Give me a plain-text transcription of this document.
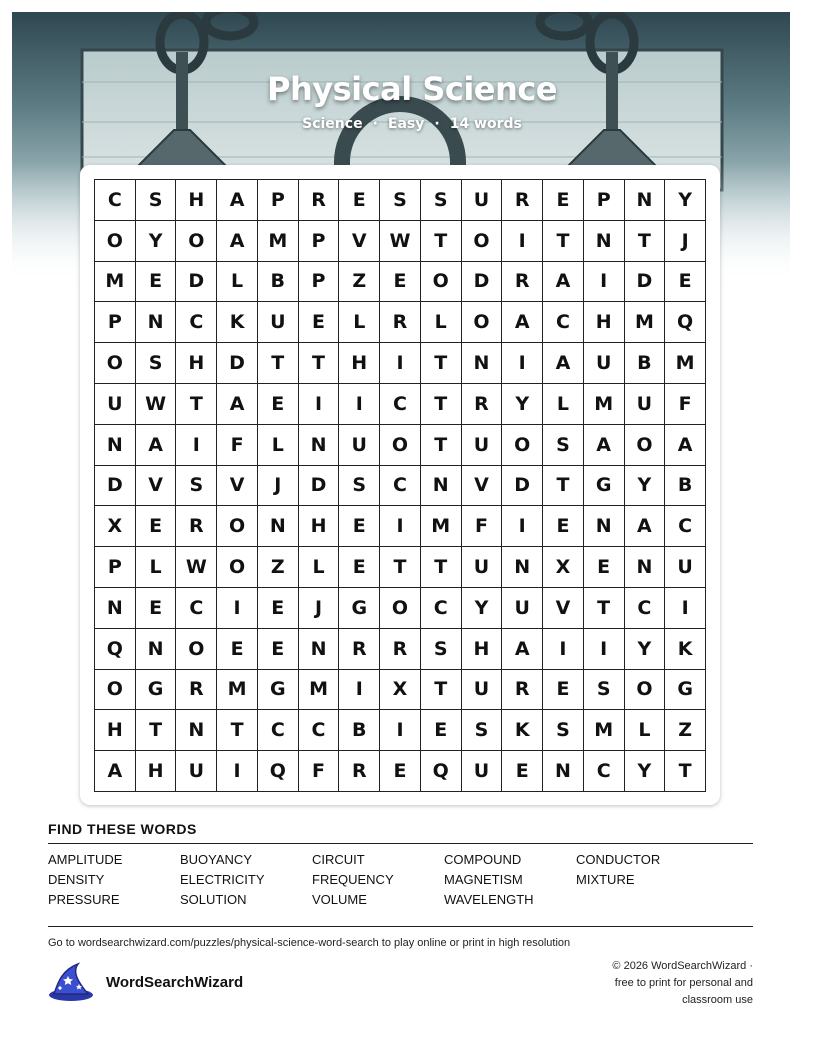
Physical Science
Science · Easy · 14 words
C	S	H	A	P	R	E	S	S	U	R	E	P	N	Y
O	Y	O	A	M	P	V	W	T	O	I	T	N	T	J
M	E	D	L	B	P	Z	E	O	D	R	A	I	D	E
P	N	C	K	U	E	L	R	L	O	A	C	H	M	Q
O	S	H	D	T	T	H	I	T	N	I	A	U	B	M
U	W	T	A	E	I	I	C	T	R	Y	L	M	U	F
N	A	I	F	L	N	U	O	T	U	O	S	A	O	A
D	V	S	V	J	D	S	C	N	V	D	T	G	Y	B
X	E	R	O	N	H	E	I	M	F	I	E	N	A	C
P	L	W	O	Z	L	E	T	T	U	N	X	E	N	U
N	E	C	I	E	J	G	O	C	Y	U	V	T	C	I
Q	N	O	E	E	N	R	R	S	H	A	I	I	Y	K
O	G	R	M	G	M	I	X	T	U	R	E	S	O	G
H	T	N	T	C	C	B	I	E	S	K	S	M	L	Z
A	H	U	I	Q	F	R	E	Q	U	E	N	C	Y	T
FIND THESE WORDS
AMPLITUDE	BUOYANCY	CIRCUIT	COMPOUND	CONDUCTOR
DENSITY	ELECTRICITY	FREQUENCY	MAGNETISM	MIXTURE
PRESSURE	SOLUTION	VOLUME	WAVELENGTH
Go to wordsearchwizard.com/puzzles/physical-science-word-search to play online or print in high resolution
WordSearchWizard
© 2026 WordSearchWizard ·
free to print for personal and
classroom use
